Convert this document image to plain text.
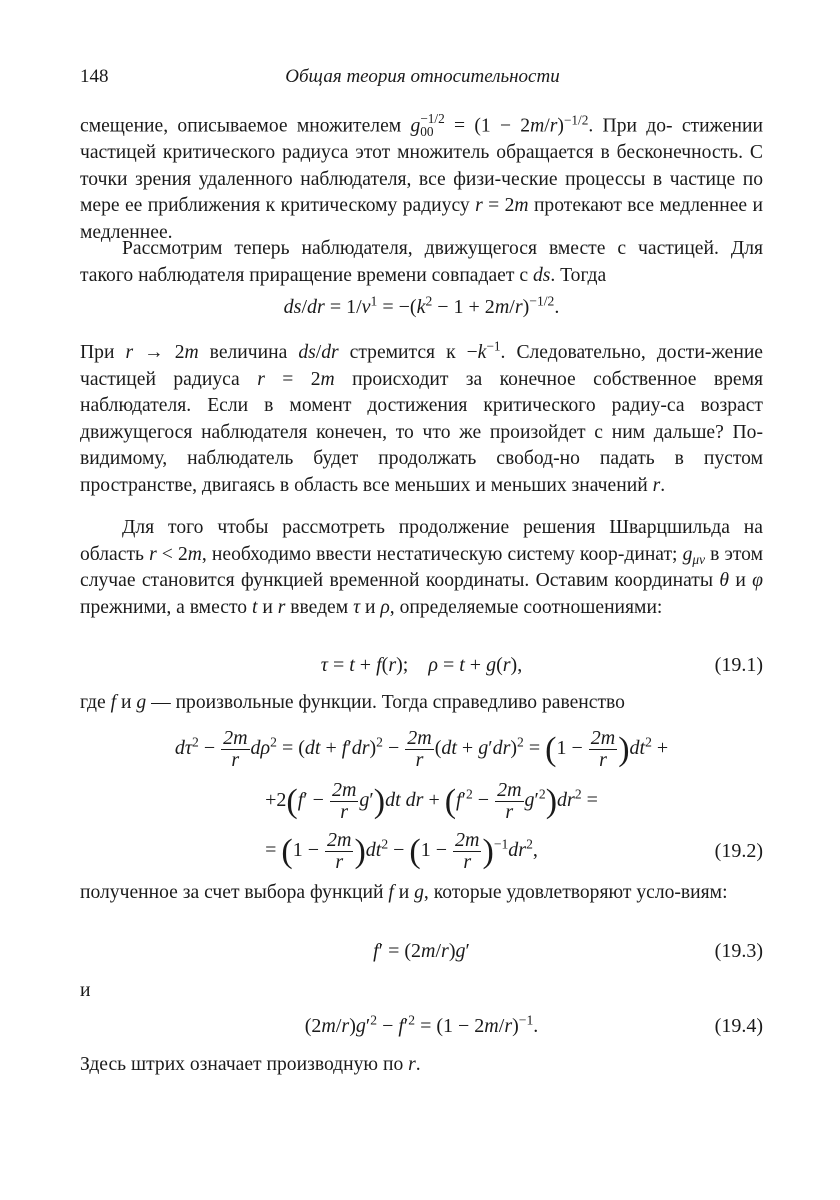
148	Общая теория относительности
смещение, описываемое множителем g −1/2
$00 = (1 - 2m/r)^{-1/2}$. При до- стижении частицей критического радиуса этот множитель обращается в бесконечность. С точки зрения удаленного наблюдателя, все физи-ческие процессы в частице по мере ее приближения к критическому радиусу r = 2m протекают все медленнее и медленнее.
Рассмотрим теперь наблюдателя, движущегося вместе с частицей. Для такого наблюдателя приращение времени совпадает с ds. Тогда
$ds/dr = 1/v^1 = -(k^2 - 1 + 2m/r)^{-1/2}$.
При r → 2m величина ds/dr стремится $к -k^{-1}$. Следовательно, дости-жение частицей радиуса r = 2m происходит за конечное собственное время наблюдателя. Если в момент достижения критического радиу-са возраст движущегося наблюдателя конечен, то что же произойдет с ним дальше? По-видимому, наблюдатель будет продолжать свобод-но падать в пустом пространстве, двигаясь в область все меньших и меньших значений r.
Для того чтобы рассмотреть продолжение решения Шварцшильда на область r < 2m, необходимо ввести нестатическую систему коор-динат; $g_{\mu\nu}$ в этом случае становится функцией временной координаты. Оставим координаты θ и φ прежними, а вместо t и r введем τ и ρ, определяемые соотношениями:
τ = t + f(r);    ρ = t + g(r),	(19.1)
где f и g — произвольные функции. Тогда справедливо равенство
$d\tau^2 - \frac{2m}{r} d\rho^2 = (dt + f'dr)^2 - \frac{2m}{r} (dt + g'dr)^2 = (1 - \frac{2m}{r} )dt^2$ +
$+2(f' - \frac{2m}{r} g')dt$ dr + $(f'^2 - \frac{2m}{r} g'^2)dr^2$ =
= $(1 - \frac{2m}{r} )dt^2 - (1 - \frac{2m}{r} )^{-1}dr^2$,	(19.2)
полученное за счет выбора функций f и g, которые удовлетворяют усло-виям:
f′ = (2m/r)g′	(19.3)
и
$(2m/r)g'^2 - f'^2 = (1 - 2m/r)^{-1}$.	(19.4)
Здесь штрих означает производную по r.
